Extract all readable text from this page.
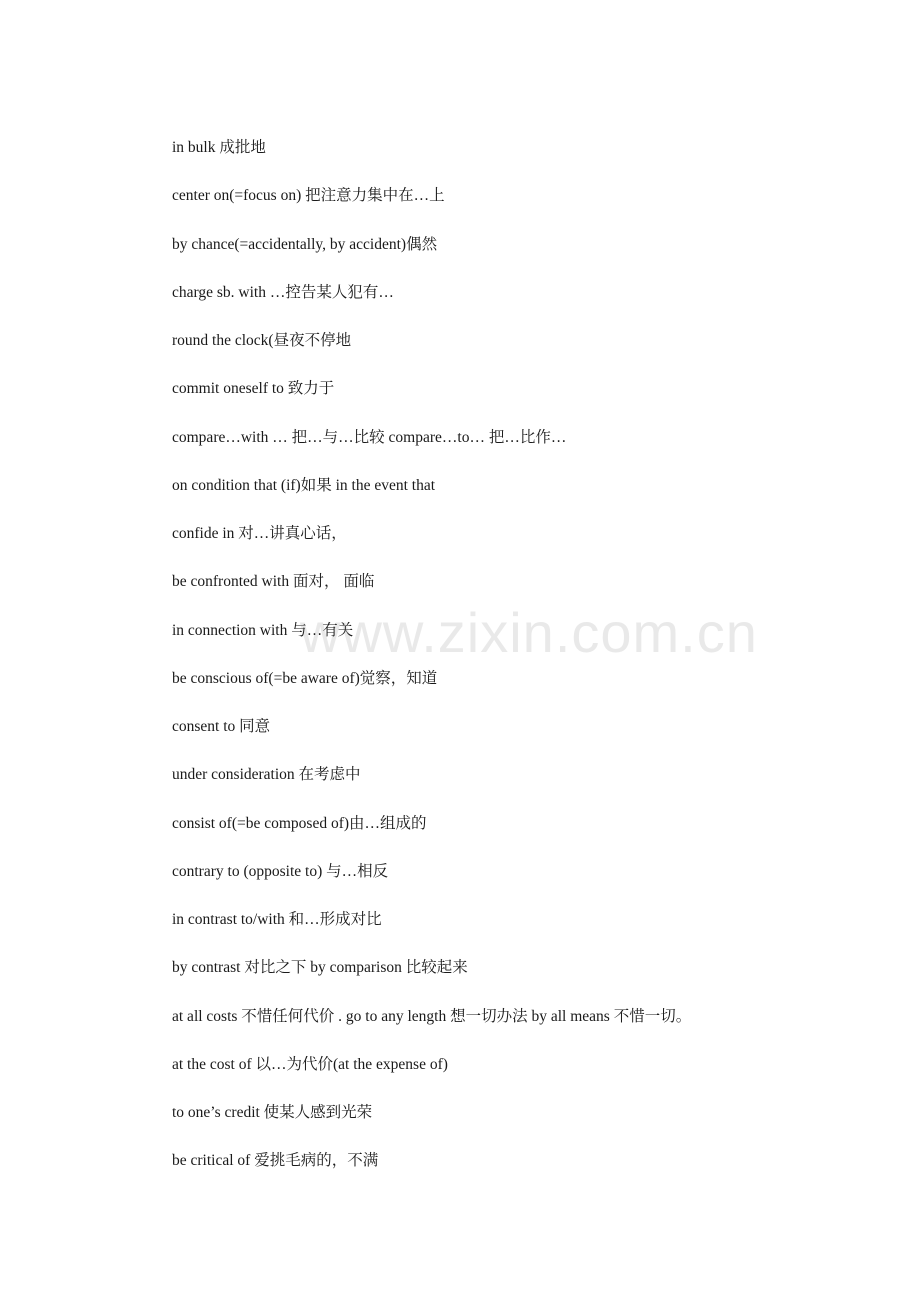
in bulk 成批地
center on(=focus on) 把注意力集中在…上
by chance(=accidentally, by accident)偶然
charge sb. with …控告某人犯有…
round the clock(昼夜不停地
commit oneself to 致力于
compare…with … 把…与…比较 compare…to… 把…比作…
on condition that (if)如果 in the event that
confide in 对…讲真心话，
be confronted with 面对， 面临
in connection with 与…有关
be conscious of(=be aware of)觉察，知道
consent to 同意
under consideration 在考虑中
consist of(=be composed of)由…组成的
contrary to (opposite to) 与…相反
in contrast to/with 和…形成对比
by contrast 对比之下 by comparison 比较起来
at all costs 不惜任何代价 . go to any length 想一切办法 by all means 不惜一切。
at the cost of 以…为代价(at the expense of)
to one’s credit 使某人感到光荣
be critical of 爱挑毛病的，不满
www.zixin.com.cn
